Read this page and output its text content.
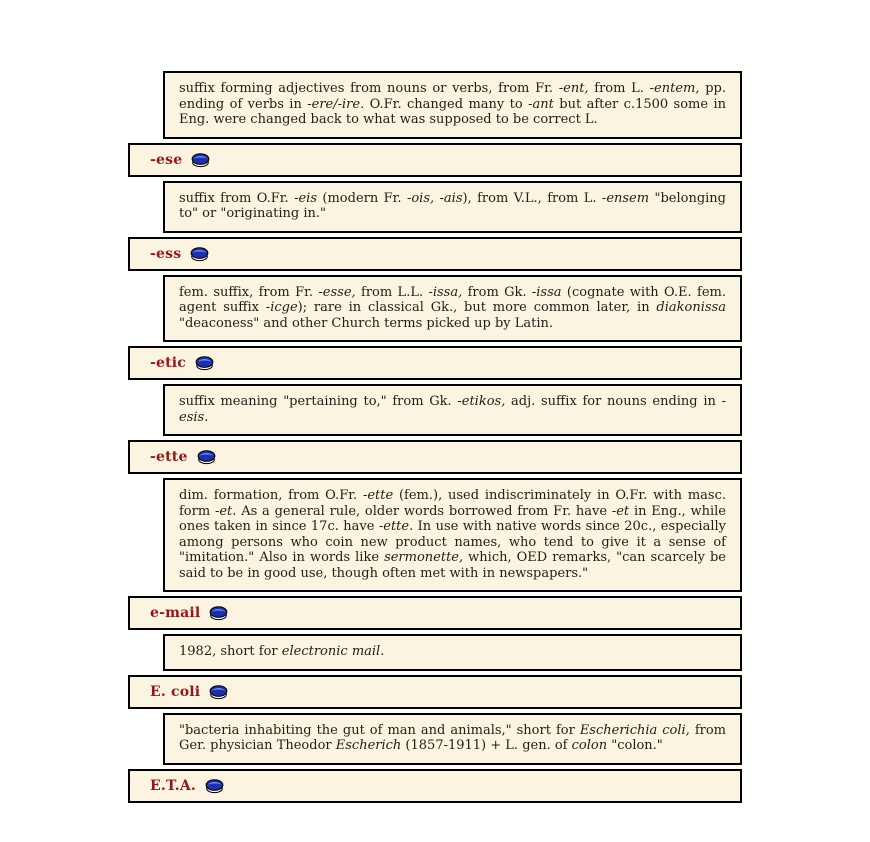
suffix forming adjectives from nouns or verbs, from Fr. -ent, from L. -entem, pp. ending of verbs in -ere/-ire. O.Fr. changed many to -ant but after c.1500 some in Eng. were changed back to what was supposed to be correct L.
-ese
suffix from O.Fr. -eis (modern Fr. -ois, -ais), from V.L., from L. -ensem "belonging to" or "originating in."
-ess
fem. suffix, from Fr. -esse, from L.L. -issa, from Gk. -issa (cognate with O.E. fem. agent suffix -icge); rare in classical Gk., but more common later, in diakonissa "deaconess" and other Church terms picked up by Latin.
-etic
suffix meaning "pertaining to," from Gk. -etikos, adj. suffix for nouns ending in -esis.
-ette
dim. formation, from O.Fr. -ette (fem.), used indiscriminately in O.Fr. with masc. form -et. As a general rule, older words borrowed from Fr. have -et in Eng., while ones taken in since 17c. have -ette. In use with native words since 20c., especially among persons who coin new product names, who tend to give it a sense of "imitation." Also in words like sermonette, which, OED remarks, "can scarcely be said to be in good use, though often met with in newspapers."
e-mail
1982, short for electronic mail.
E. coli
"bacteria inhabiting the gut of man and animals," short for Escherichia coli, from Ger. physician Theodor Escherich (1857-1911) + L. gen. of colon "colon."
E.T.A.
